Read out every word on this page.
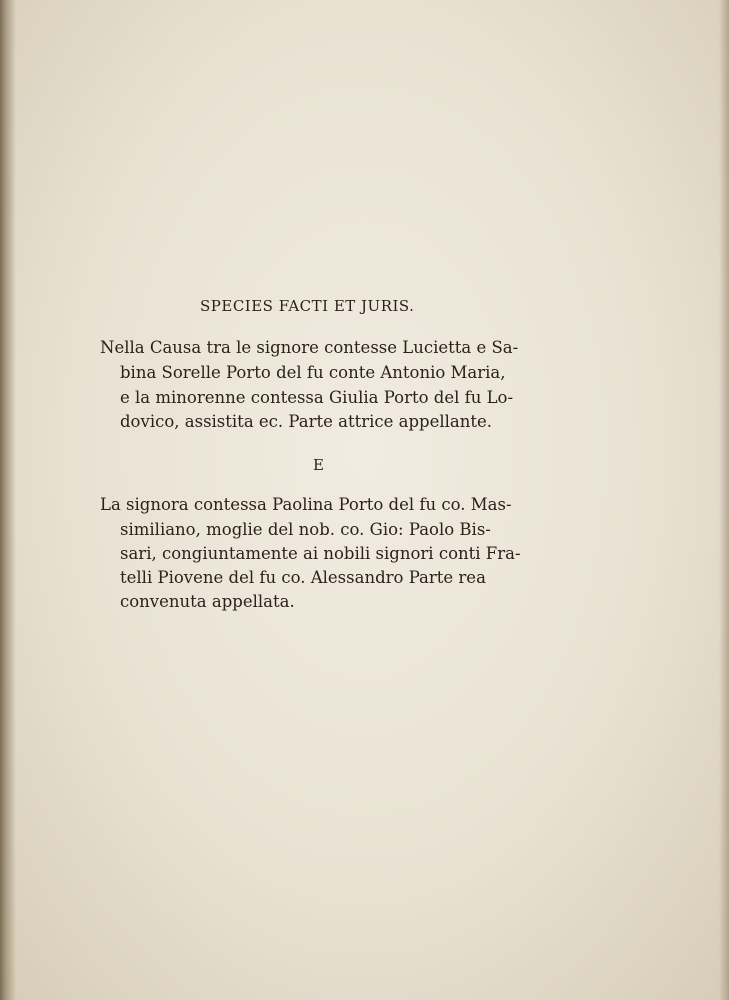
SPECIES FACTI ET JURIS.
Nella Causa tra le signore contesse Lucietta e Sa-
bina Sorelle Porto del fu conte Antonio Maria,
e la minorenne contessa Giulia Porto del fu Lo-
dovico, assistita ec. Parte attrice appellante.
E
La signora contessa Paolina Porto del fu co. Mas-
similiano, moglie del nob. co. Gio: Paolo Bis-
sari, congiuntamente ai nobili signori conti Fra-
telli Piovene del fu co. Alessandro Parte rea
convenuta appellata.
